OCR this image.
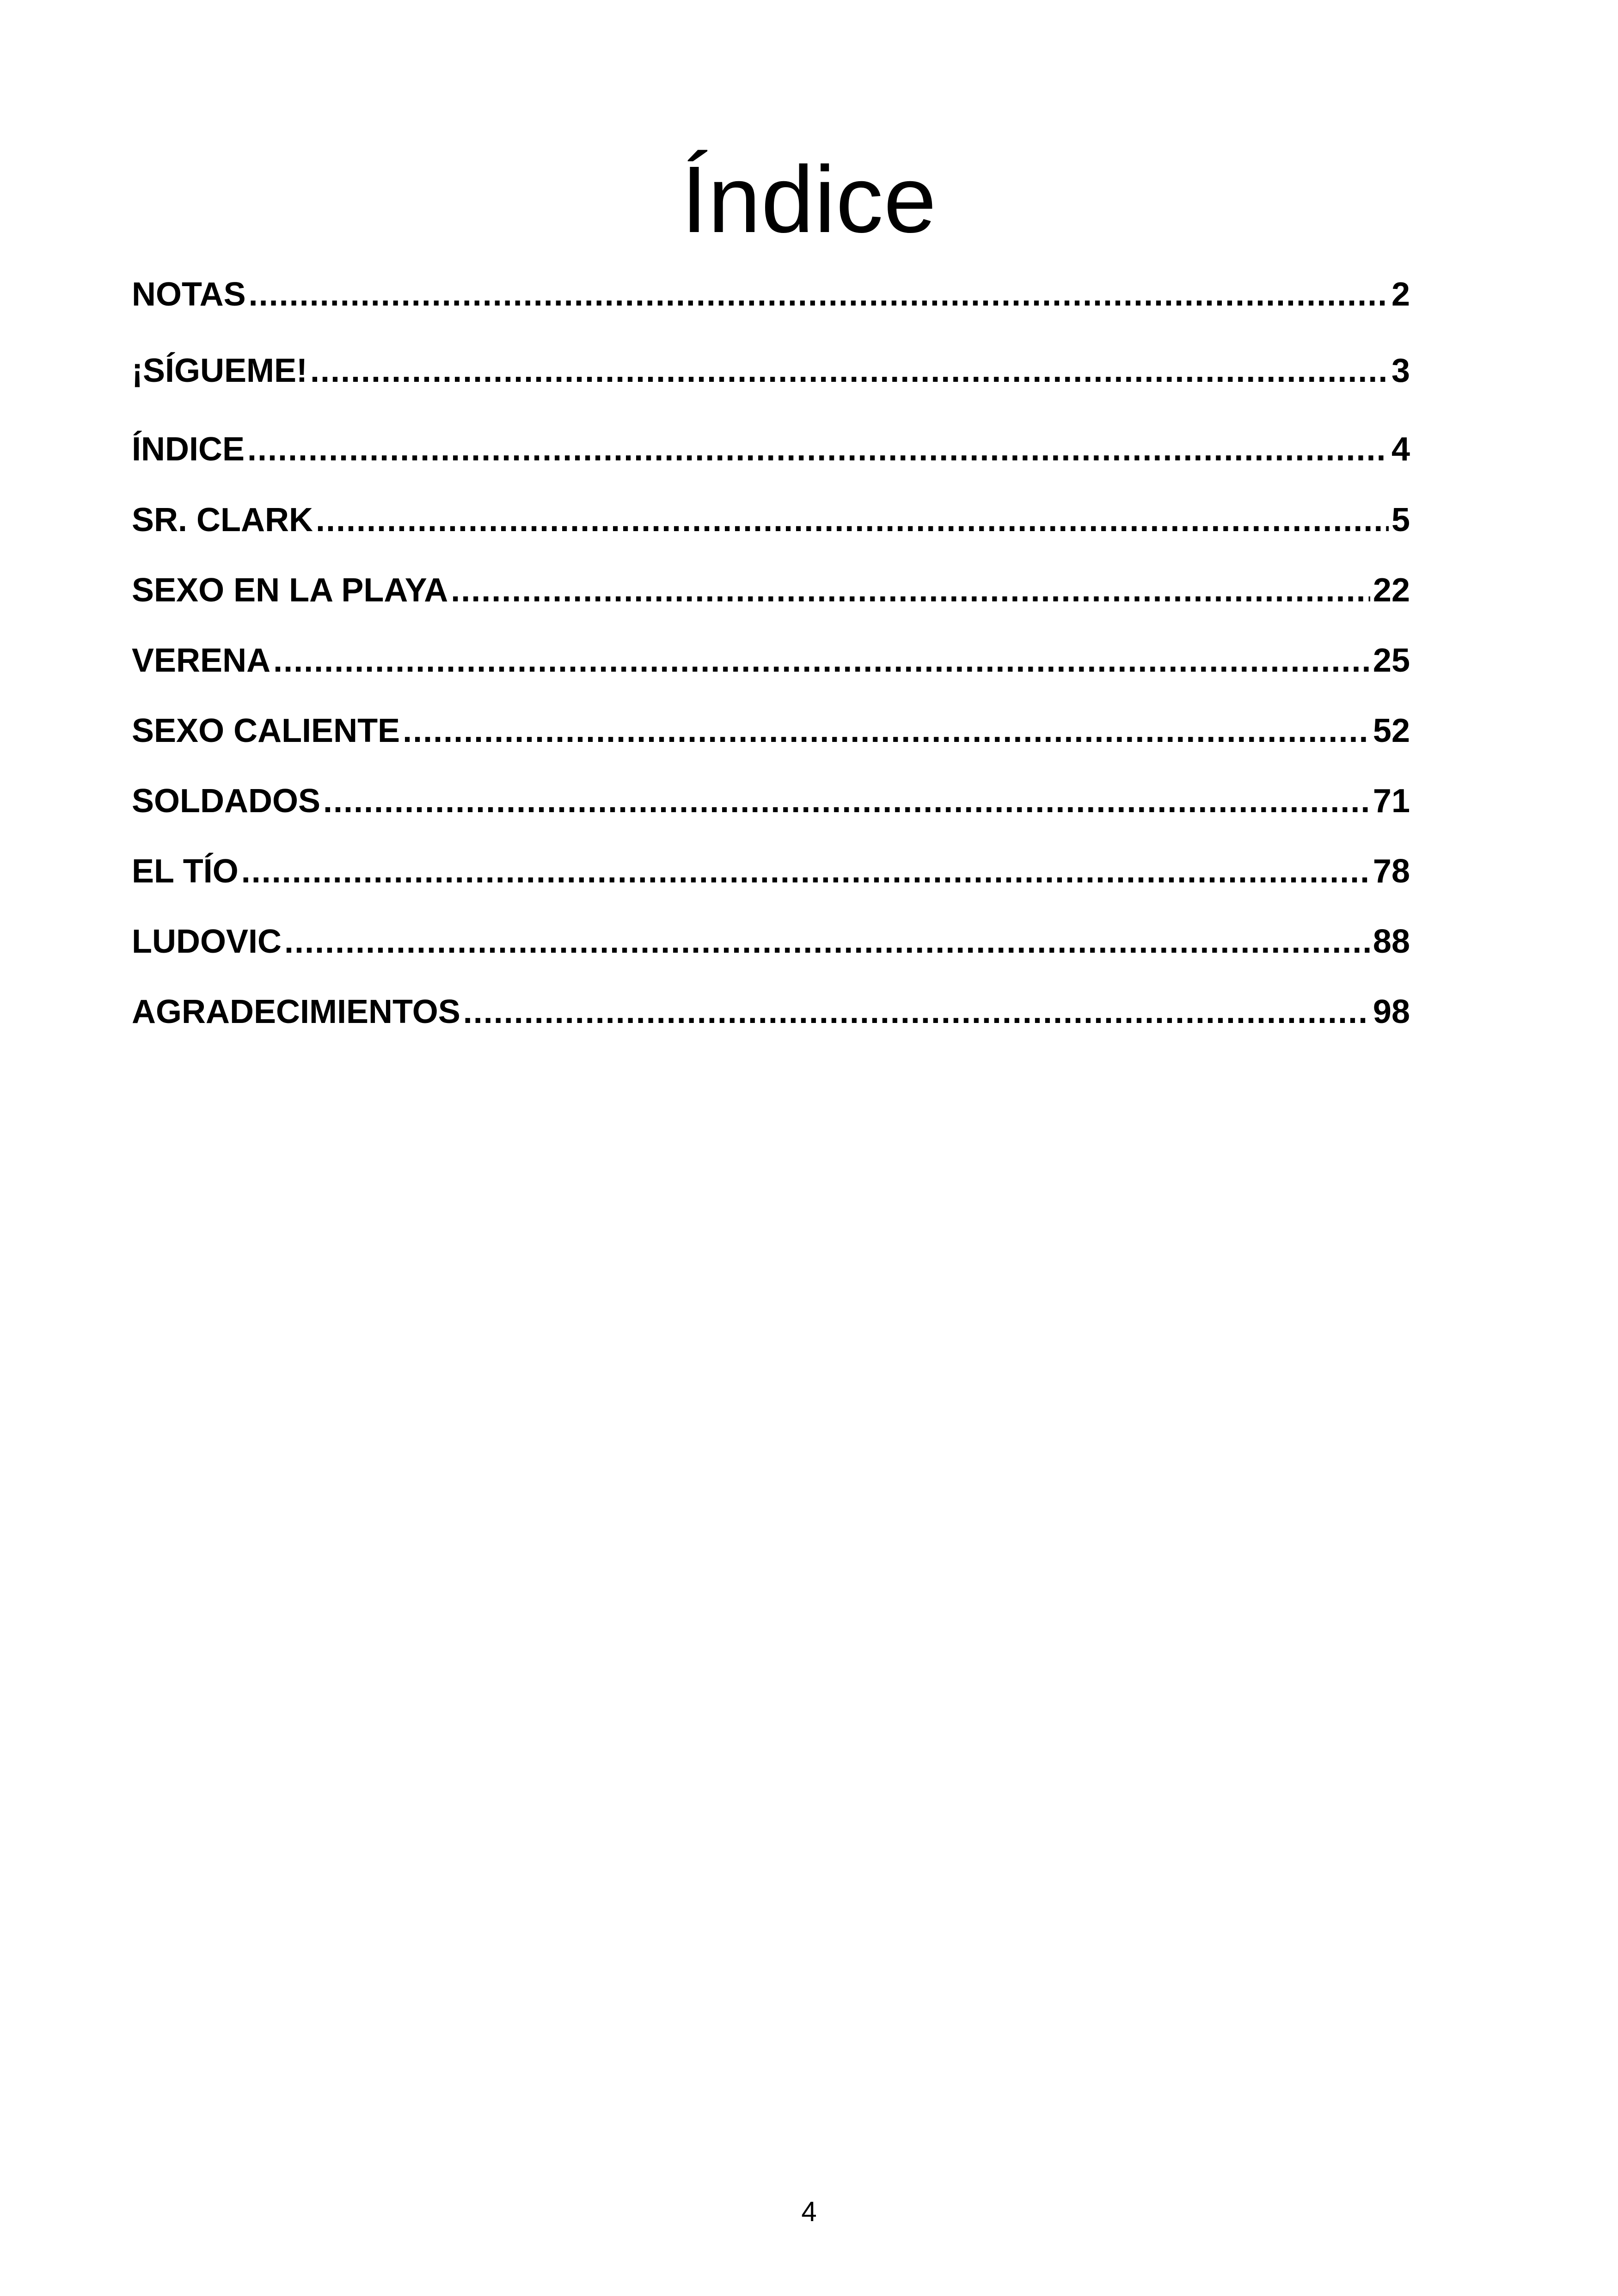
Índice
NOTAS .....	2
¡SÍGUEME! .....	3
ÍNDICE .....	4
SR. CLARK .....	5
SEXO EN LA PLAYA .....	22
VERENA .....	25
SEXO CALIENTE .....	52
SOLDADOS .....	71
EL TÍO .....	78
LUDOVIC .....	88
AGRADECIMIENTOS .....	98
4
